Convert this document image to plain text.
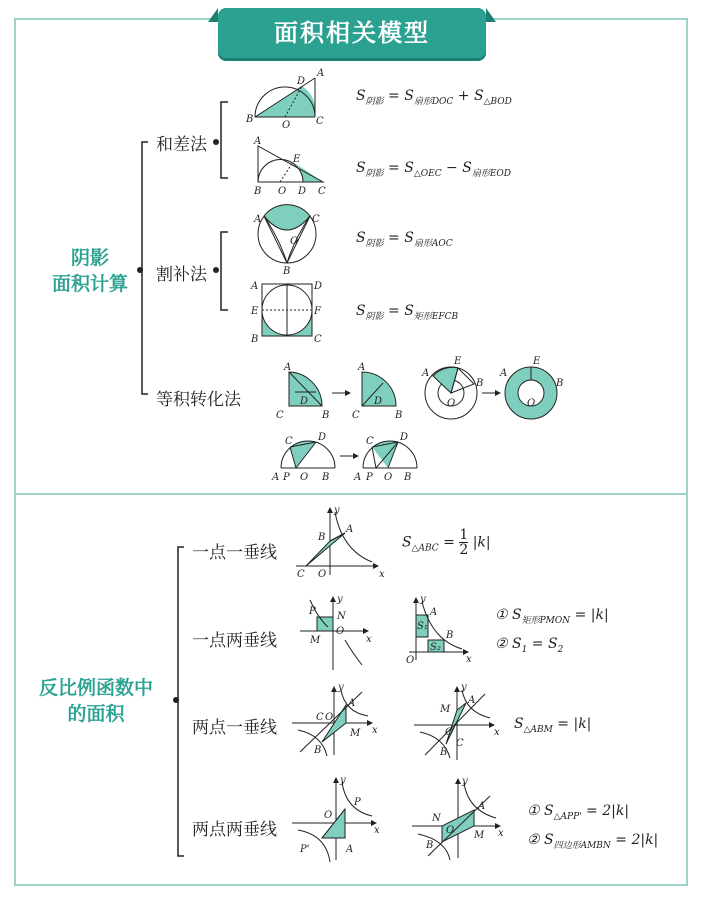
面积相关模型
阴影
面积计算
和差法
割补法
等积转化法
$S_{阴影} = S_{扇形DOC} + S_{\triangle BOD}$
$S_{阴影} = S_{\triangle OEC} - S_{扇形EOD}$
$S_{阴影} = S_{扇形AOC}$
$S_{阴影} = S_{矩形EFCB}$
反比例函数中
的面积
一点一垂线
一点两垂线
两点一垂线
两点两垂线
$S_{\triangle ABC} = \frac{1}{2} |k|$
① $S_{矩形PMON} = |k|$
② $S_1 = S_2$
$S_{\triangle ABM} = |k|$
① $S_{\triangle APP'} = 2|k|$
② $S_{四边形AMBN} = 2|k|$
B
O	C
D
A
A
E
B O D C
A	C
O
B
A	D
E	F
B	C
A
C
D
B
A
C
D
B
A
E
B
O
A
E
B
O
C	D
A P O B
C	D
A P O B
y
A
B
C O	x
y
P N
O
M	x
y
A
S₁
S₂
B
O	x
y
A
C O
M
B
x
y
A
M
O
C
B
x
y
P
O
x
P'	A
y
A
N
O M
B
x
